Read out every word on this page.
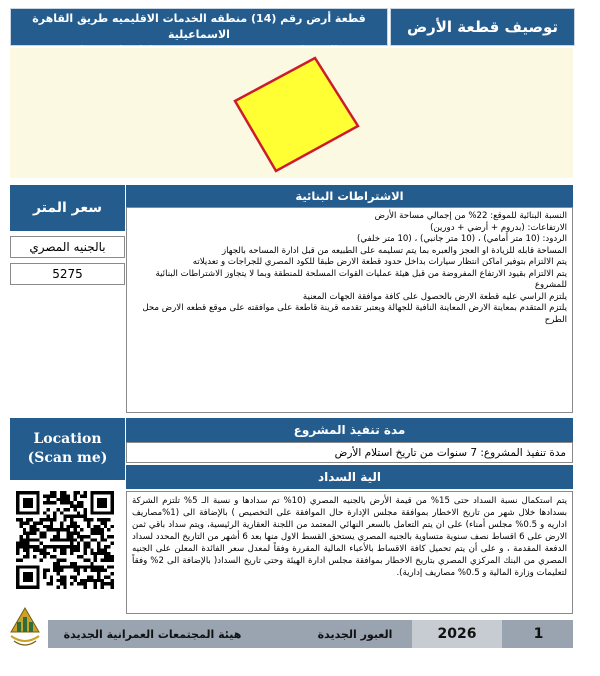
توصيف قطعة الأرض
قطعة أرض رقم (14) منطقه الخدمات الاقليميه طريق القاهرة الاسماعيلية
سعر المتر
بالجنيه المصري
5275
الاشتراطات البنائية

النسبة البنائية للموقع: 22% من إجمالي مساحة الأرض

الارتفاعات: (بدروم + أرضي + دورين)

الردود: (10 متر أمامي) ، (10 متر جانبي) ، (10 متر خلفي)

المساحة قابله للزيادة او العجز والعبره بما يتم تسليمه على الطبيعه من قبل ادارة المساحه بالجهاز

يتم الالتزام بتوفير اماكن انتظار سيارات بداخل حدود قطعة الارض طبقا للكود المصري للجراجات و تعديلاته

يتم الالتزام بقيود الارتفاع المفروضة من قبل هيئة عمليات القوات المسلحة للمنطقة وبما لا يتجاوز الاشتراطات البنائية للمشروع

يلتزم الراسي عليه قطعة الارض بالحصول على كافة موافقة الجهات المعنية

يلتزم المتقدم بمعاينة الارض المعاينة النافية للجهالة ويعتبر تقدمه قرينة قاطعة على موافقته على موقع قطعه الارض محل الطرح

Location
(Scan me)
مدة تنفيذ المشروع
مدة تنفيذ المشروع: 7 سنوات من تاريخ استلام الأرض
الية السداد
يتم استكمال نسبة السداد حتى 15% من قيمة الأرض بالجنيه المصري (10% تم سدادها و نسبة الـ 5% تلتزم الشركة بسدادها خلال شهر من تاريخ الاخطار بموافقة مجلس الإدارة حال الموافقة على التخصيص ) بالإضافة الى (1%مصاريف اداريه و 0.5% مجلس أمناء) على ان يتم التعامل بالسعر النهائي المعتمد من اللجنة العقارية الرئيسية، ويتم سداد باقي ثمن الارض على 6 اقساط نصف سنوية متساوية بالجنيه المصري يستحق القسط الاول منها بعد 6 أشهر من التاريخ المحدد لسداد الدفعة المقدمة ، و على أن يتم تحميل كافة الاقساط بالأعباء المالية المقررة وفقاً لمعدل سعر الفائدة المعلن على الجنيه المصري من البنك المركزي المصري بتاريخ الاخطار بموافقة مجلس ادارة الهيئة وحتى تاريخ السداد( بالإضافة الى 2% وفقاً لتعليمات وزارة المالية و 0.5% مصاريف إدارية).
هيئة المجتمعات العمرانية الجديدة	العبور الجديدة	2026	1
